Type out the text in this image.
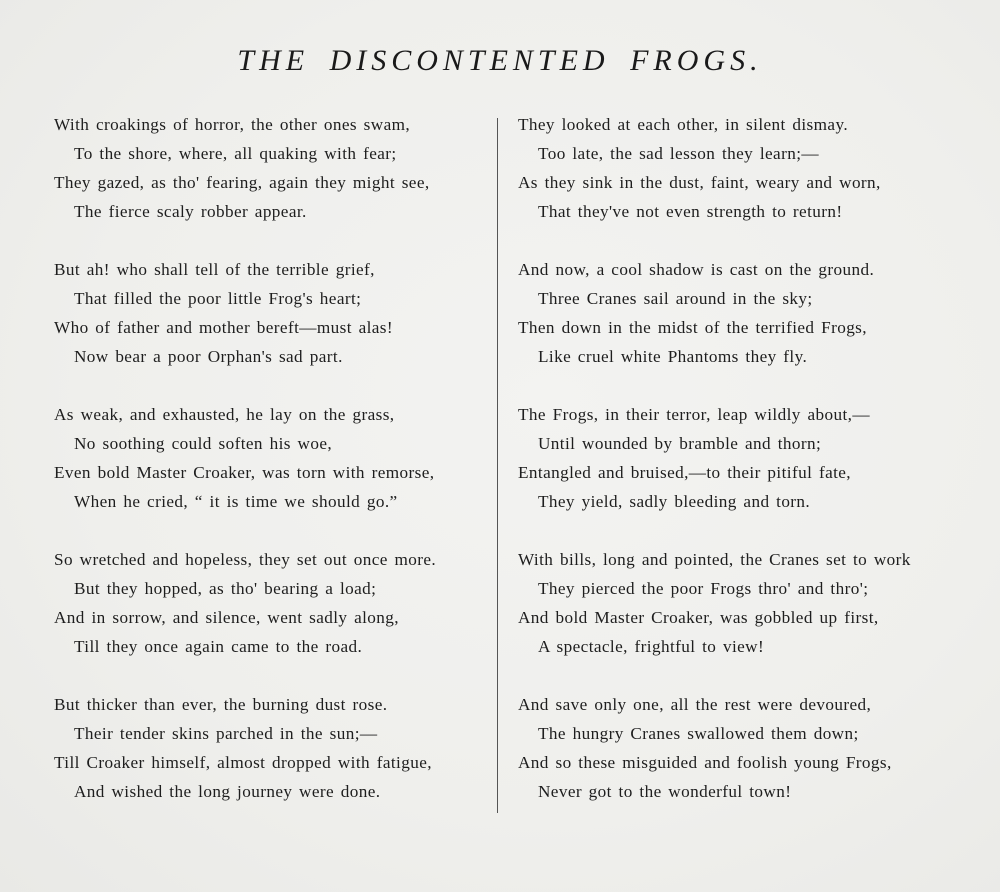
THE DISCONTENTED FROGS.
With croakings of horror, the other ones swam,
To the shore, where, all quaking with fear;
They gazed, as tho' fearing, again they might see,
The fierce scaly robber appear.
But ah! who shall tell of the terrible grief,
That filled the poor little Frog's heart;
Who of father and mother bereft—must alas!
Now bear a poor Orphan's sad part.
As weak, and exhausted, he lay on the grass,
No soothing could soften his woe,
Even bold Master Croaker, was torn with remorse,
When he cried, “ it is time we should go.”
So wretched and hopeless, they set out once more.
But they hopped, as tho' bearing a load;
And in sorrow, and silence, went sadly along,
Till they once again came to the road.
But thicker than ever, the burning dust rose.
Their tender skins parched in the sun;—
Till Croaker himself, almost dropped with fatigue,
And wished the long journey were done.
They looked at each other, in silent dismay.
Too late, the sad lesson they learn;—
As they sink in the dust, faint, weary and worn,
That they've not even strength to return!
And now, a cool shadow is cast on the ground.
Three Cranes sail around in the sky;
Then down in the midst of the terrified Frogs,
Like cruel white Phantoms they fly.
The Frogs, in their terror, leap wildly about,—
Until wounded by bramble and thorn;
Entangled and bruised,—to their pitiful fate,
They yield, sadly bleeding and torn.
With bills, long and pointed, the Cranes set to work
They pierced the poor Frogs thro' and thro';
And bold Master Croaker, was gobbled up first,
A spectacle, frightful to view!
And save only one, all the rest were devoured,
The hungry Cranes swallowed them down;
And so these misguided and foolish young Frogs,
Never got to the wonderful town!
